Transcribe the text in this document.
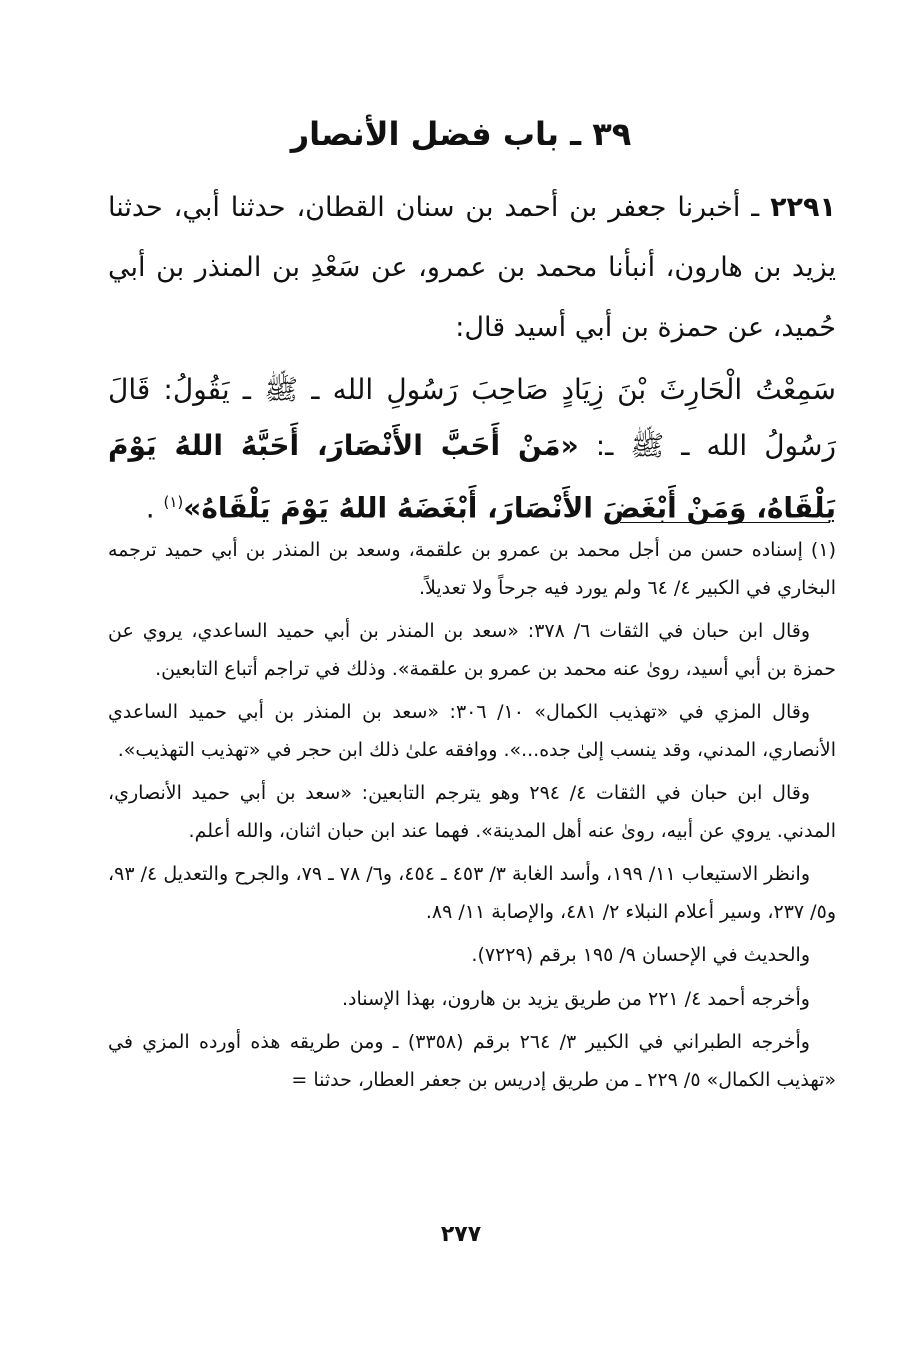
٣٩ ـ باب فضل الأنصار

٢٢٩١ ـ أخبرنا جعفر بن أحمد بن سنان القطان، حدثنا أبي، حدثنا يزيد بن هارون، أنبأنا محمد بن عمرو، عن سَعْدِ بن المنذر بن أبي حُميد، عن حمزة بن أبي أسيد قال:

سَمِعْتُ الْحَارِثَ بْنَ زِيَادٍ صَاحِبَ رَسُولِ الله ـ ﷺ ـ يَقُولُ: قَالَ رَسُولُ الله ـ ﷺ ـ: «مَنْ أَحَبَّ الأَنْصَارَ، أَحَبَّهُ اللهُ يَوْمَ يَلْقَاهُ، وَمَنْ أَبْغَضَ الأَنْصَارَ، أَبْغَضَهُ اللهُ يَوْمَ يَلْقَاهُ»$^{(١)}$ .

(١) إسناده حسن من أجل محمد بن عمرو بن علقمة، وسعد بن المنذر بن أبي حميد ترجمه البخاري في الكبير ٤/ ٦٤ ولم يورد فيه جرحاً ولا تعديلاً.

وقال ابن حبان في الثقات ٦/ ٣٧٨: «سعد بن المنذر بن أبي حميد الساعدي، يروي عن حمزة بن أبي أسيد، روىٰ عنه محمد بن عمرو بن علقمة». وذلك في تراجم أتباع التابعين.

وقال المزي في «تهذيب الكمال» ١٠/ ٣٠٦: «سعد بن المنذر بن أبي حميد الساعدي الأنصاري، المدني، وقد ينسب إلىٰ جده...». ووافقه علىٰ ذلك ابن حجر في «تهذيب التهذيب».

وقال ابن حبان في الثقات ٤/ ٢٩٤ وهو يترجم التابعين: «سعد بن أبي حميد الأنصاري، المدني. يروي عن أبيه، روىٰ عنه أهل المدينة». فهما عند ابن حبان اثنان، والله أعلم.

وانظر الاستيعاب ١١/ ١٩٩، وأسد الغابة ٣/ ٤٥٣ ـ ٤٥٤، و٦/ ٧٨ ـ ٧٩، والجرح والتعديل ٤/ ٩٣، و٥/ ٢٣٧، وسير أعلام النبلاء ٢/ ٤٨١، والإصابة ١١/ ٨٩.

والحديث في الإحسان ٩/ ١٩٥ برقم (٧٢٢٩).

وأخرجه أحمد ٤/ ٢٢١ من طريق يزيد بن هارون، بهذا الإسناد.

وأخرجه الطبراني في الكبير ٣/ ٢٦٤ برقم (٣٣٥٨) ـ ومن طريقه هذه أورده المزي في «تهذيب الكمال» ٥/ ٢٢٩ ـ من طريق إدريس بن جعفر العطار، حدثنا =

٢٧٧
